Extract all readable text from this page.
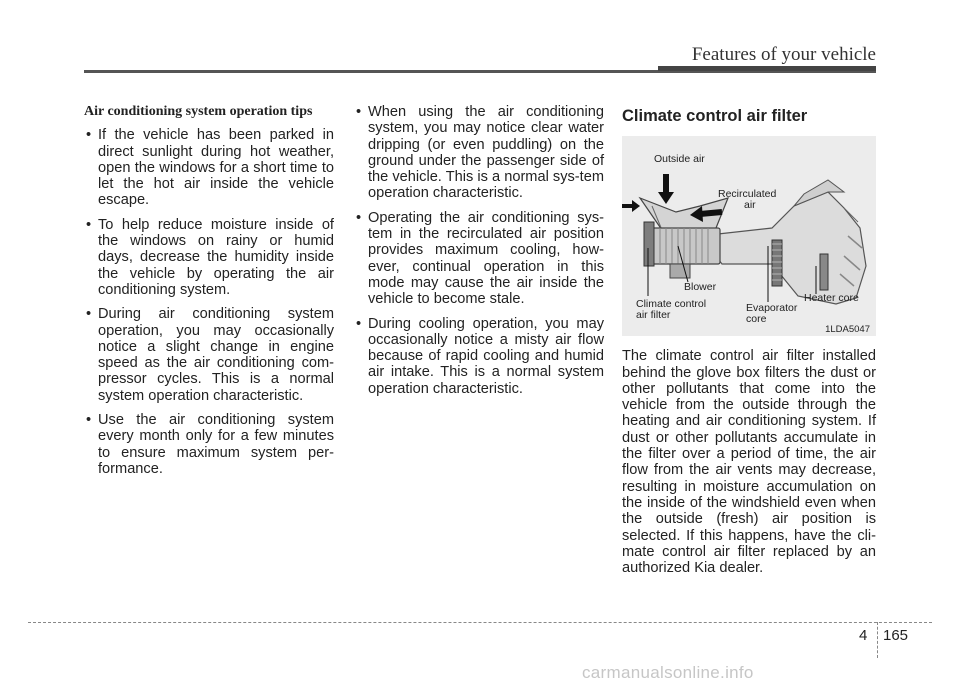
Features of your vehicle
Air conditioning system operation tips
• If the vehicle has been parked in direct sunlight during hot weather, open the windows for a short time to let the hot air inside the vehicle escape.
• To help reduce moisture inside of the windows on rainy or humid days, decrease the humidity inside the vehicle by operating the air conditioning system.
• During air conditioning system operation, you may occasionally notice a slight change in engine speed as the air conditioning com-pressor cycles. This is a normal system operation characteristic.
• Use the air conditioning system every month only for a few minutes to ensure maximum system per-formance.
• When using the air conditioning system, you may notice clear water dripping (or even puddling) on the ground under the passenger side of the vehicle. This is a normal sys-tem operation characteristic.
• Operating the air conditioning sys-tem in the recirculated air position provides maximum cooling, how-ever, continual operation in this mode may cause the air inside the vehicle to become stale.
• During cooling operation, you may occasionally notice a misty air flow because of rapid cooling and humid air intake. This is a normal system operation characteristic.
Climate control air filter
Outside air
Recirculated
air
Blower
Climate control
air filter
Evaporator
core
Heater core
1LDA5047
The climate control air filter installed behind the glove box filters the dust or other pollutants that come into the vehicle from the outside through the heating and air conditioning system. If dust or other pollutants accumulate in the filter over a period of time, the air flow from the air vents may decrease, resulting in moisture accumulation on the inside of the windshield even when the outside (fresh) air position is selected. If this happens, have the cli-mate control air filter replaced by an authorized Kia dealer.
4 165
carmanualsonline.info
